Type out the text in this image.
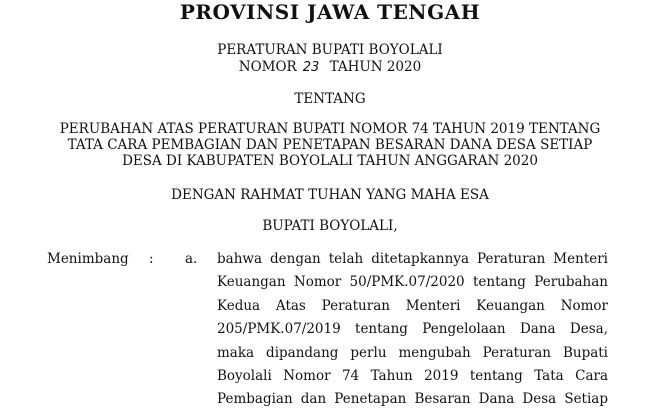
PROVINSI JAWA TENGAH
PERATURAN BUPATI BOYOLALI
NOMOR 23 TAHUN 2020
TENTANG
PERUBAHAN ATAS PERATURAN BUPATI NOMOR 74 TAHUN 2019 TENTANG
TATA CARA PEMBAGIAN DAN PENETAPAN BESARAN DANA DESA SETIAP
DESA DI KABUPATEN BOYOLALI TAHUN ANGGARAN 2020
DENGAN RAHMAT TUHAN YANG MAHA ESA
BUPATI BOYOLALI,
Menimbang : a. bahwa dengan telah ditetapkannya Peraturan Menteri
Keuangan Nomor 50/PMK.07/2020 tentang Perubahan
Kedua Atas Peraturan Menteri Keuangan Nomor
205/PMK.07/2019 tentang Pengelolaan Dana Desa,
maka dipandang perlu mengubah Peraturan Bupati
Boyolali Nomor 74 Tahun 2019 tentang Tata Cara
Pembagian dan Penetapan Besaran Dana Desa Setiap
